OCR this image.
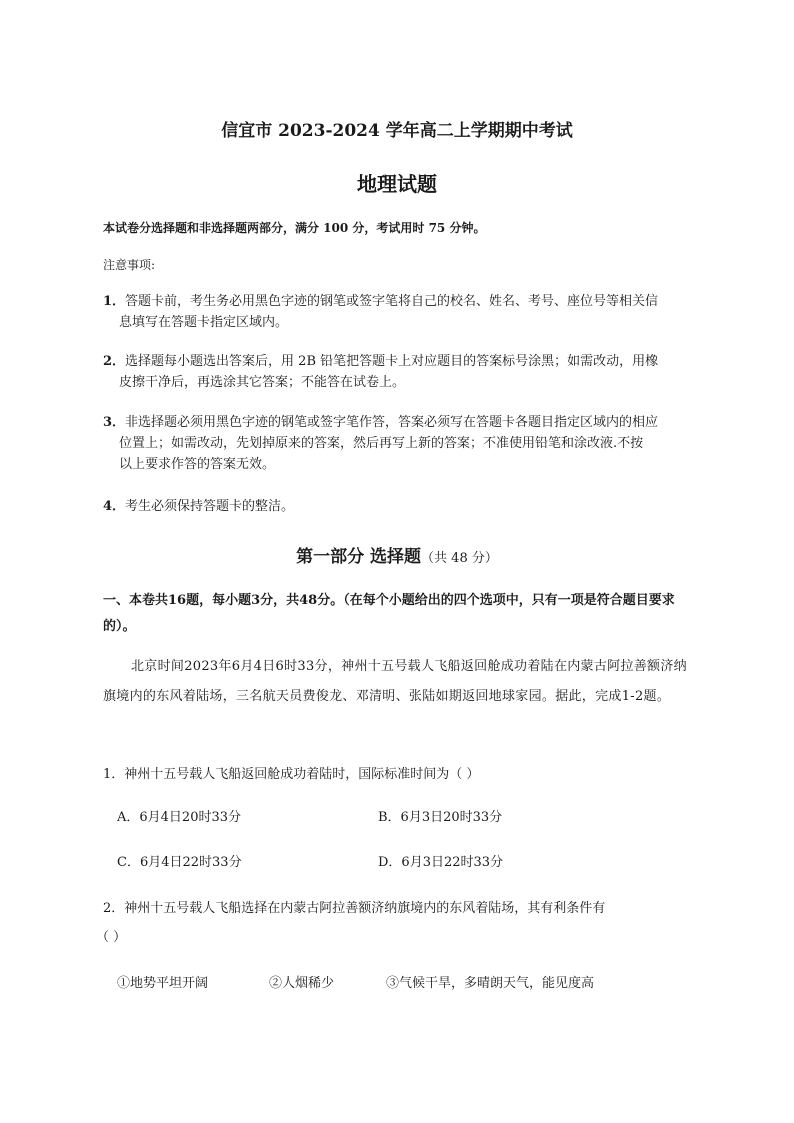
信宜市 2023-2024 学年高二上学期期中考试
地理试题
本试卷分选择题和非选择题两部分，满分 100 分，考试用时 75 分钟。
注意事项:
1．答题卡前，考生务必用黑色字迹的钢笔或签字笔将自己的校名、姓名、考号、座位号等相关信
息填写在答题卡指定区域内。
2．选择题每小题选出答案后，用 2B 铅笔把答题卡上对应题目的答案标号涂黑；如需改动，用橡
皮擦干净后，再选涂其它答案；不能答在试卷上。
3．非选择题必须用黑色字迹的钢笔或签字笔作答，答案必须写在答题卡各题目指定区域内的相应
位置上；如需改动，先划掉原来的答案，然后再写上新的答案；不准使用铅笔和涂改液.不按
以上要求作答的答案无效。
4．考生必须保持答题卡的整洁。
第一部分 选择题（共 48 分）
一、本卷共16题，每小题3分，共48分。（在每个小题给出的四个选项中，只有一项是符合题目要求的）。
北京时间2023年6月4日6时33分，神州十五号载人飞船返回舱成功着陆在内蒙古阿拉善额济纳旗境内的东风着陆场，三名航天员费俊龙、邓清明、张陆如期返回地球家园。据此，完成1-2题。
1．神州十五号载人飞船返回舱成功着陆时，国际标准时间为（ ）
A．6月4日20时33分	B．6月3日20时33分
C．6月4日22时33分	D．6月3日22时33分
2．神州十五号载人飞船选择在内蒙古阿拉善额济纳旗境内的东风着陆场，其有利条件有
（ ）
①地势平坦开阔	②人烟稀少	③气候干旱，多晴朗天气，能见度高
